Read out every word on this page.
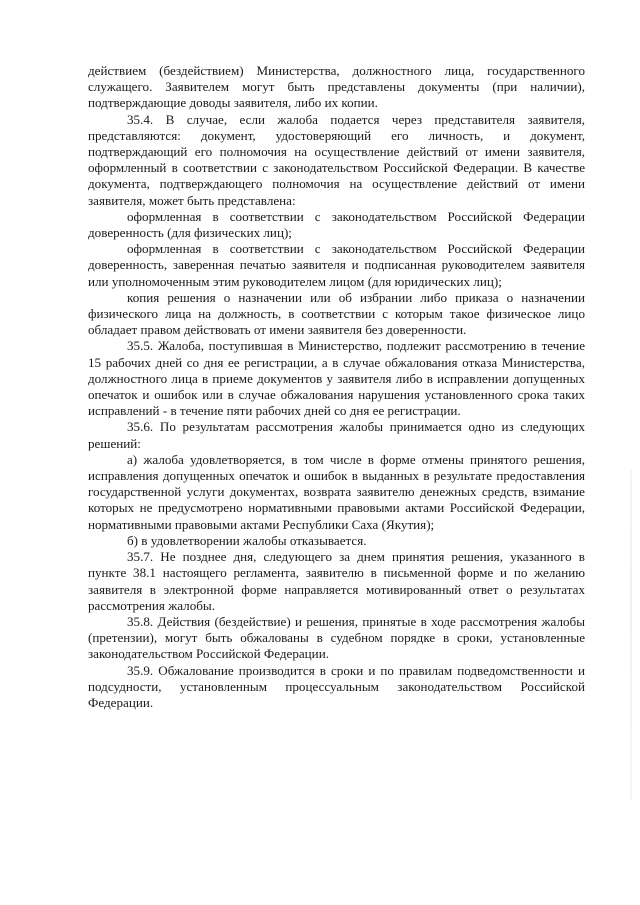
действием (бездействием) Министерства, должностного лица, государственного служащего. Заявителем могут быть представлены документы (при наличии), подтверждающие доводы заявителя, либо их копии.

35.4. В случае, если жалоба подается через представителя заявителя, представляются: документ, удостоверяющий его личность, и документ, подтверждающий его полномочия на осуществление действий от имени заявителя, оформленный в соответствии с законодательством Российской Федерации. В качестве документа, подтверждающего полномочия на осуществление действий от имени заявителя, может быть представлена:

оформленная в соответствии с законодательством Российской Федерации доверенность (для физических лиц);

оформленная в соответствии с законодательством Российской Федерации доверенность, заверенная печатью заявителя и подписанная руководителем заявителя или уполномоченным этим руководителем лицом (для юридических лиц);

копия решения о назначении или об избрании либо приказа о назначении физического лица на должность, в соответствии с которым такое физическое лицо обладает правом действовать от имени заявителя без доверенности.

35.5. Жалоба, поступившая в Министерство, подлежит рассмотрению в течение 15 рабочих дней со дня ее регистрации, а в случае обжалования отказа Министерства, должностного лица в приеме документов у заявителя либо в исправлении допущенных опечаток и ошибок или в случае обжалования нарушения установленного срока таких исправлений - в течение пяти рабочих дней со дня ее регистрации.

35.6. По результатам рассмотрения жалобы принимается одно из следующих решений:

а) жалоба удовлетворяется, в том числе в форме отмены принятого решения, исправления допущенных опечаток и ошибок в выданных в результате предоставления государственной услуги документах, возврата заявителю денежных средств, взимание которых не предусмотрено нормативными правовыми актами Российской Федерации, нормативными правовыми актами Республики Саха (Якутия);

б) в удовлетворении жалобы отказывается.

35.7. Не позднее дня, следующего за днем принятия решения, указанного в пункте 38.1 настоящего регламента, заявителю в письменной форме и по желанию заявителя в электронной форме направляется мотивированный ответ о результатах рассмотрения жалобы.

35.8. Действия (бездействие) и решения, принятые в ходе рассмотрения жалобы (претензии), могут быть обжалованы в судебном порядке в сроки, установленные законодательством Российской Федерации.

35.9. Обжалование производится в сроки и по правилам подведомственности и подсудности, установленным процессуальным законодательством Российской Федерации.
